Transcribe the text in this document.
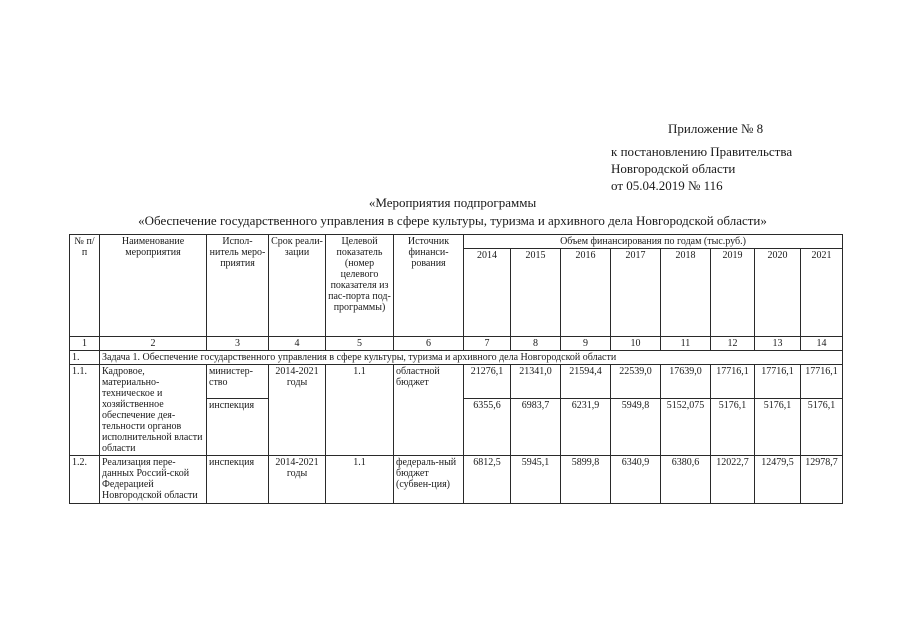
Приложение № 8
к постановлению Правительства
Новгородской области
от 05.04.2019 № 116
«Мероприятия подпрограммы
«Обеспечение государственного управления в сфере культуры, туризма и архивного дела Новгородской области»
№ п/п	Наименование мероприятия	Испол-нитель меро-приятия	Срок реали-зации	Целевой показатель (номер целевого показателя из пас-порта под-программы)	Источник финанси-рования	Объем финансирования по годам (тыс.руб.)							
						2014	2015	2016	2017	2018	2019	2020	2021
1	2	3	4	5	6	7	8	9	10	11	12	13	14
1.	Задача 1. Обеспечение государственного управления в сфере культуры, туризма и архивного дела Новгородской области												
1.1.	Кадровое, материально-техническое и хозяйственное обеспечение дея-тельности органов исполнительной власти области	министер-ство	2014-2021 годы	1.1	областной бюджет	21276,1	21341,0	21594,4	22539,0	17639,0	17716,1	17716,1	17716,1
		инспекция				6355,6	6983,7	6231,9	5949,8	5152,075	5176,1	5176,1	5176,1
1.2.	Реализация пере-данных Россий-ской Федерацией Новгородской области	инспекция	2014-2021 годы	1.1	федераль-ный бюджет (субвен-ция)	6812,5	5945,1	5899,8	6340,9	6380,6	12022,7	12479,5	12978,7
